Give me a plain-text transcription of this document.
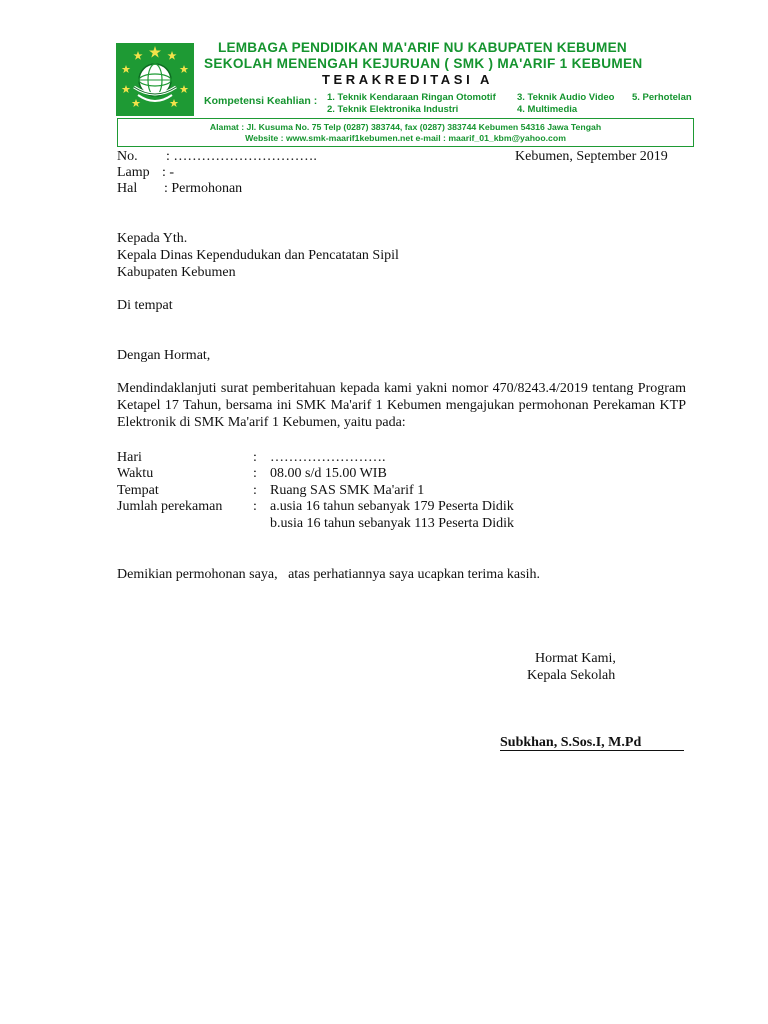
LEMBAGA PENDIDIKAN MA'ARIF NU KABUPATEN KEBUMEN
SEKOLAH MENENGAH KEJURUAN ( SMK ) MA'ARIF 1 KEBUMEN
TERAKREDITASI A
Kompetensi Keahlian : 1. Teknik Kendaraan Ringan Otomotif
2. Teknik Elektronika Industri
3. Teknik Audio Video
4. Multimedia
5. Perhotelan
Alamat : Jl. Kusuma No. 75 Telp (0287) 383744, fax (0287) 383744 Kebumen 54316 Jawa Tengah
Website : www.smk-maarif1kebumen.net e-mail : maarif_01_kbm@yahoo.com
No. : ………………………….	Kebumen, September 2019
Lamp : -
Hal : Permohonan
Kepada Yth.
Kepala Dinas Kependudukan dan Pencatatan Sipil
Kabupaten Kebumen
Di tempat
Dengan Hormat,

Mendindaklanjuti surat pemberitahuan kepada kami yakni nomor 470/8243.4/2019 tentang Program Ketapel 17 Tahun, bersama ini SMK Ma'arif 1 Kebumen mengajukan permohonan Perekaman KTP Elektronik di SMK Ma'arif 1 Kebumen, yaitu pada:

Hari	: …………………….
Waktu	: 08.00 s/d 15.00 WIB
Tempat	: Ruang SAS SMK Ma'arif 1
Jumlah perekaman : a.usia 16 tahun sebanyak 179 Peserta Didik
b.usia 16 tahun sebanyak 113 Peserta Didik
Demikian permohonan saya,   atas perhatiannya saya ucapkan terima kasih.
Hormat Kami,
Kepala Sekolah
Subkhan, S.Sos.I, M.Pd
